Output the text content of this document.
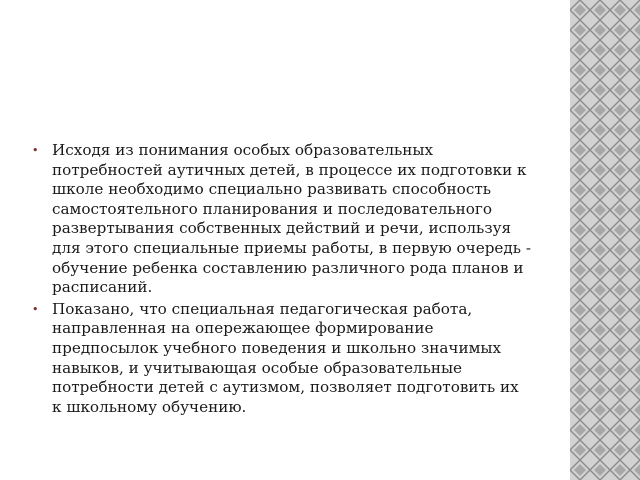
• Исходя из понимания особых образовательных потребностей аутичных детей, в процессе их подготовки к школе необходимо специально развивать способность самостоятельного планирования и последовательного развертывания собственных действий и речи, используя для этого специальные приемы работы, в первую очередь - обучение ребенка составлению различного рода планов и расписаний.
• Показано, что специальная педагогическая работа, направленная на опережающее формирование предпосылок учебного поведения и школьно значимых навыков, и учитывающая особые образовательные потребности детей с аутизмом, позволяет подготовить их к школьному обучению.
